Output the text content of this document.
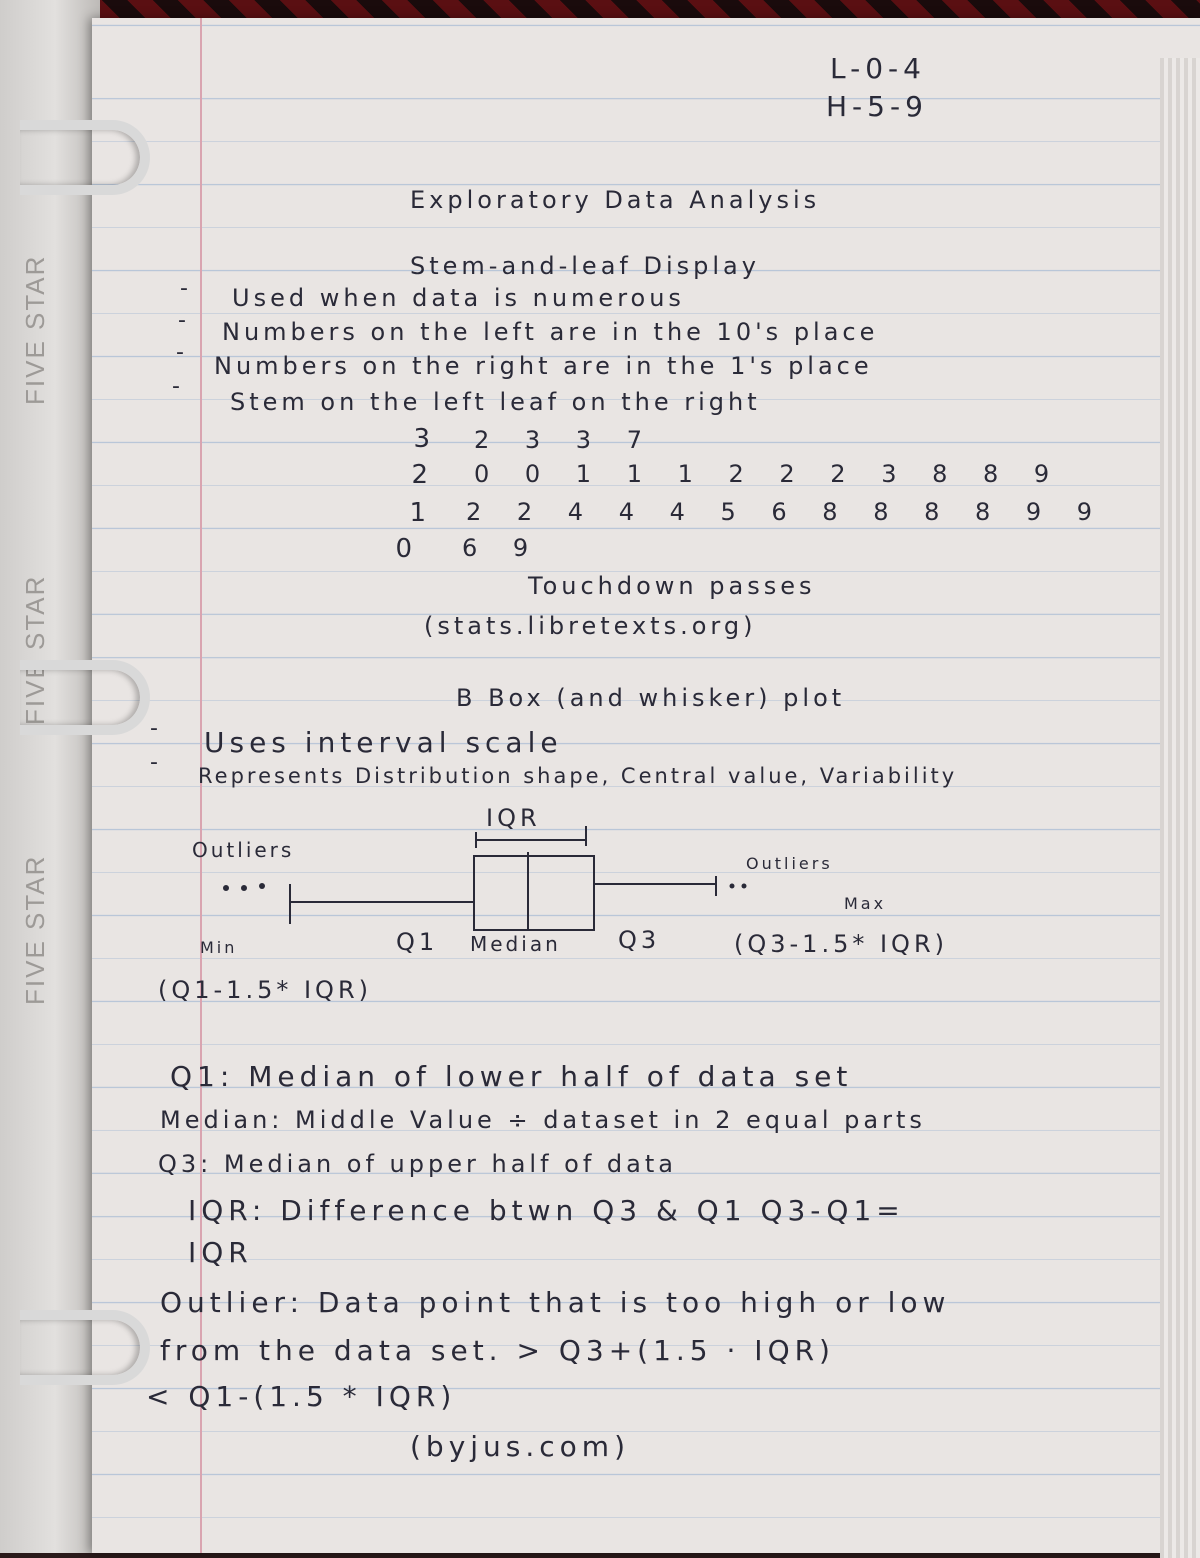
FIVE STAR
FIVE STAR
FIVE STAR
L-0-4
H-5-9
Exploratory Data Analysis
Stem-and-leaf Display
- Used when data is numerous
- Numbers on the left are in the 10's place
- Numbers on the right are in the 1's place
-
Stem on the left leaf on the right
3 2 3 3 7
2 0 0 1 1 1 2 2 2 3 8 8 9
1 2 2 4 4 4 5 6 8 8 8 8 9 9
0 6 9
Touchdown passes
(stats.libretexts.org)
B Box (and whisker) plot
- Uses interval scale
-
Represents Distribution shape, Central value, Variability
IQR
Outliers
Outliers
Max
Min	Q1 Median Q3	(Q3-1.5* IQR)
(Q1-1.5* IQR)
Q1: Median of lower half of data set
Median: Middle Value ÷ dataset in 2 equal parts
Q3: Median of upper half of data
IQR: Difference btwn Q3 & Q1 Q3-Q1=
IQR
Outlier: Data point that is too high or low
from the data set. > Q3+(1.5 · IQR)
< Q1-(1.5 * IQR)
(byjus.com)
